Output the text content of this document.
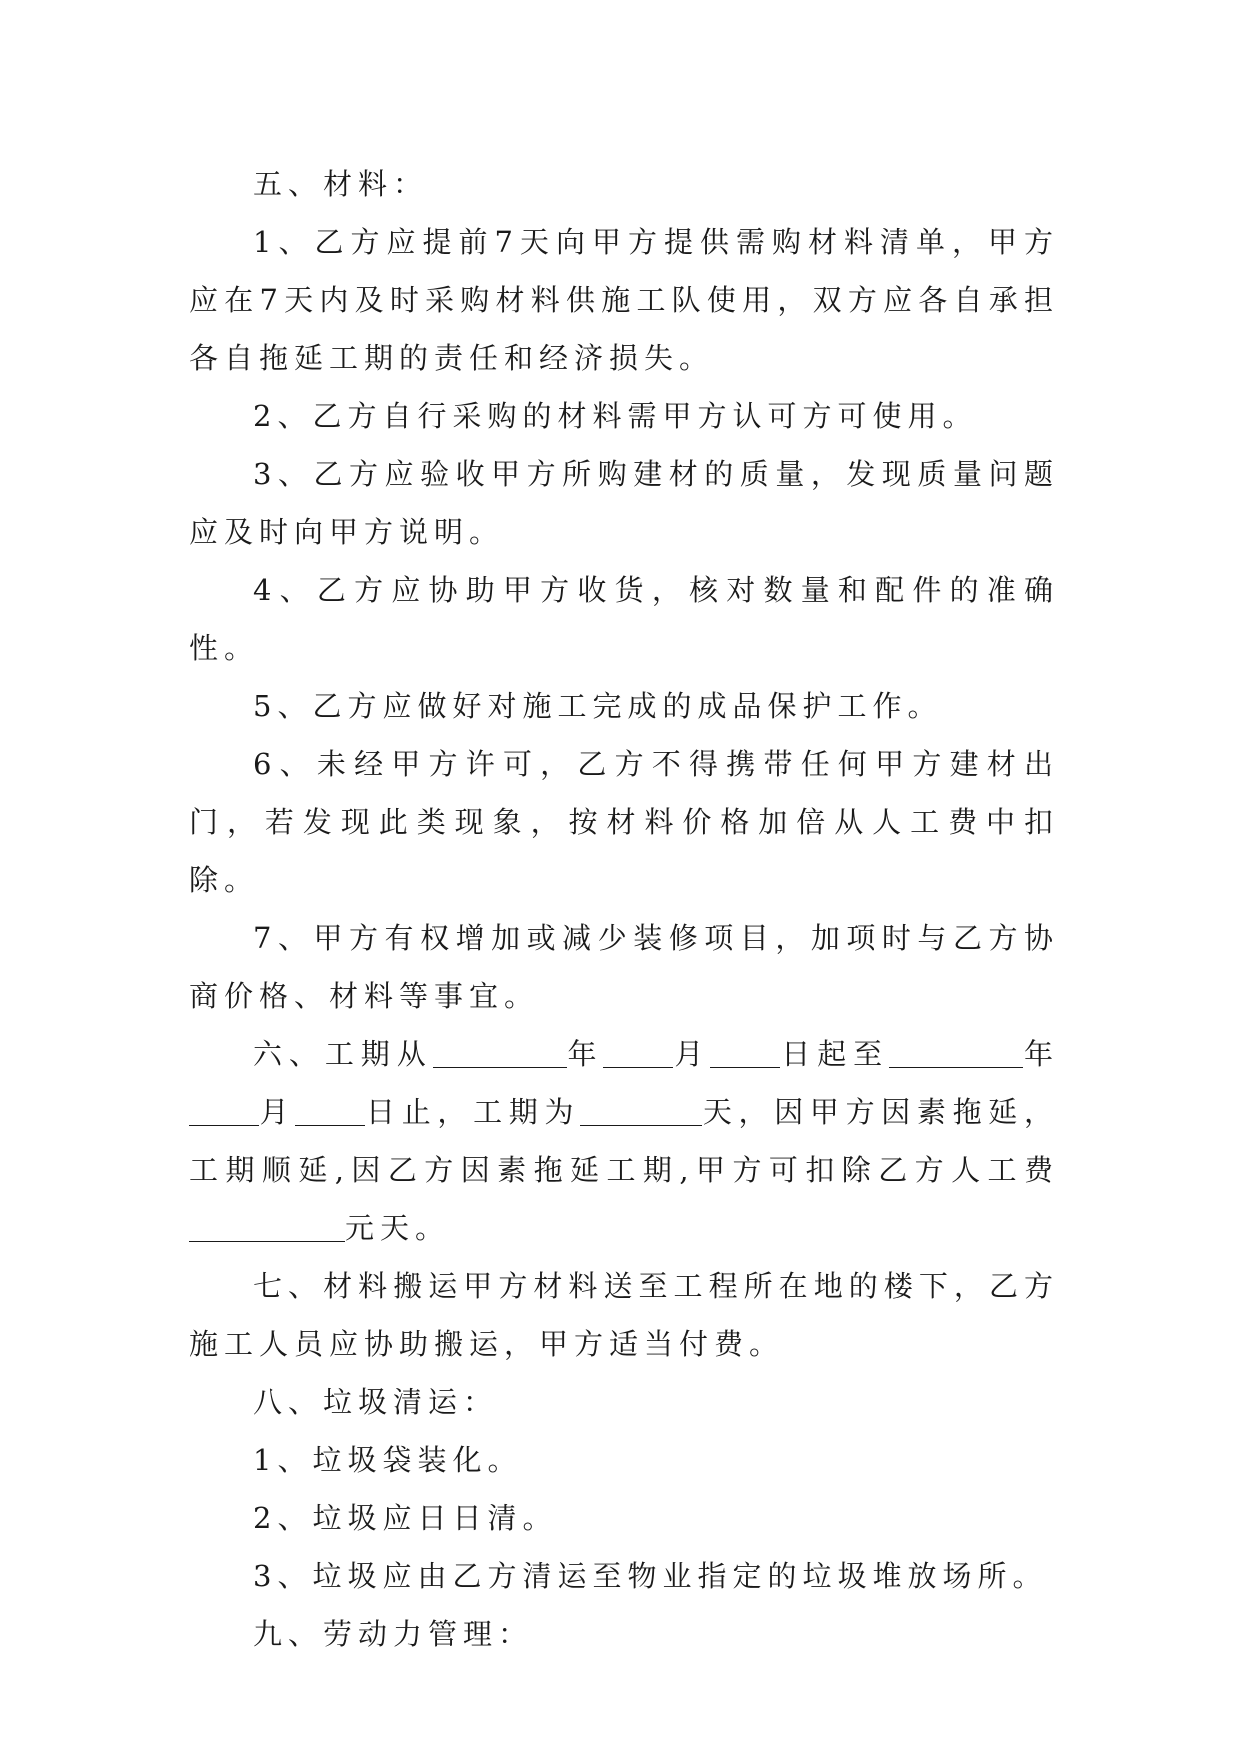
五、材料：

1、乙方应提前7天向甲方提供需购材料清单，甲方应在7天内及时采购材料供施工队使用，双方应各自承担各自拖延工期的责任和经济损失。

2、乙方自行采购的材料需甲方认可方可使用。

3、乙方应验收甲方所购建材的质量，发现质量问题应及时向甲方说明。

4、乙方应协助甲方收货，核对数量和配件的准确性。

5、乙方应做好对施工完成的成品保护工作。

6、未经甲方许可，乙方不得携带任何甲方建材出门，若发现此类现象，按材料价格加倍从人工费中扣除。

7、甲方有权增加或减少装修项目，加项时与乙方协商价格、材料等事宜。

六、工期从	年 月 日起至	年月 日止，工期为	天，因甲方因素拖延，工期顺延,因乙方因素拖延工期,甲方可扣除乙方人工费元天。

七、材料搬运甲方材料送至工程所在地的楼下，乙方施工人员应协助搬运，甲方适当付费。

八、垃圾清运：

1、垃圾袋装化。

2、垃圾应日日清。

3、垃圾应由乙方清运至物业指定的垃圾堆放场所。

九、劳动力管理：
